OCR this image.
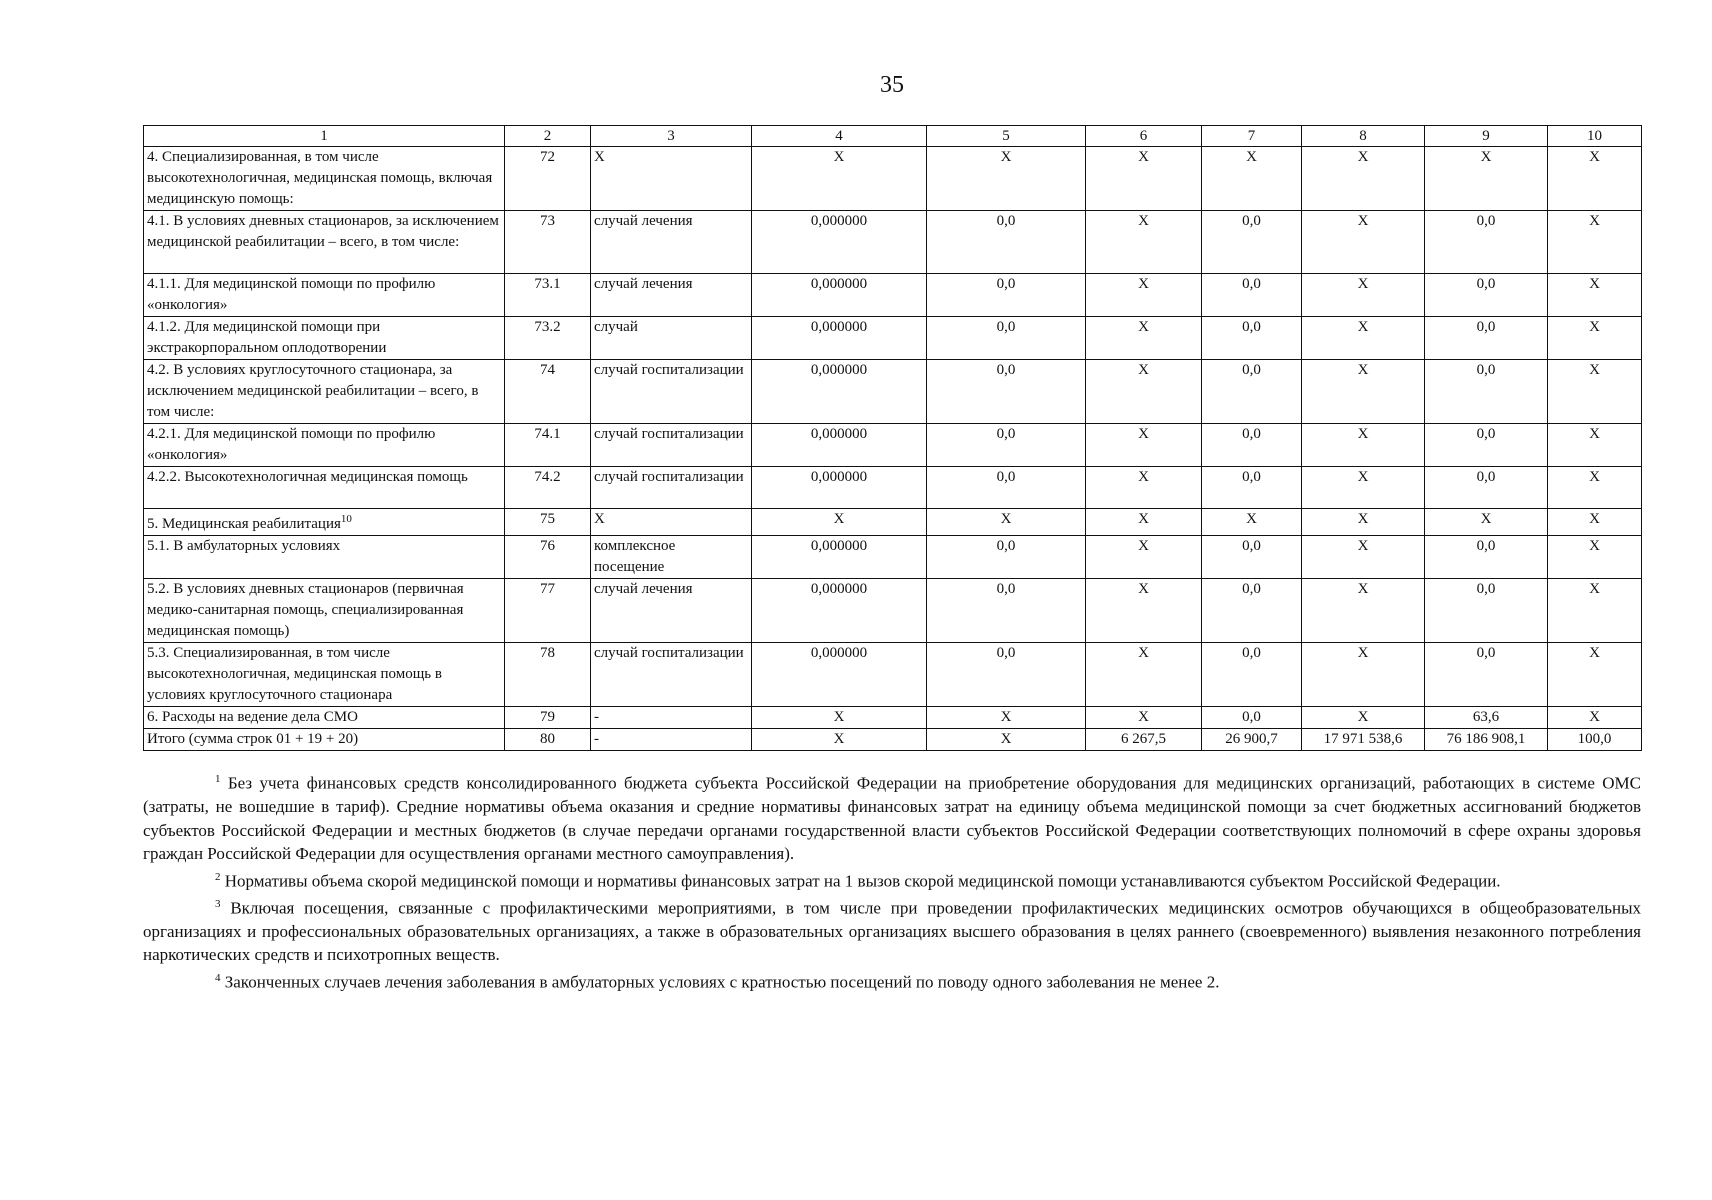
35
1	2	3	4	5	6	7	8	9	10
4. Специализированная, в том числе высокотехнологичная, медицинская помощь, включая медицинскую помощь:	72	X	X	X	X	X	X	X	X
4.1. В условиях дневных стационаров, за исключением медицинской реабилитации – всего, в том числе:	73	случай лечения	0,000000	0,0	X	0,0	X	0,0	X
4.1.1. Для медицинской помощи по профилю «онкология»	73.1	случай лечения	0,000000	0,0	X	0,0	X	0,0	X
4.1.2. Для медицинской помощи при экстракорпоральном оплодотворении	73.2	случай	0,000000	0,0	X	0,0	X	0,0	X
4.2. В условиях круглосуточного стационара, за исключением медицинской реабилитации – всего, в том числе:	74	случай госпитализации	0,000000	0,0	X	0,0	X	0,0	X
4.2.1. Для медицинской помощи по профилю «онкология»	74.1	случай госпитализации	0,000000	0,0	X	0,0	X	0,0	X
4.2.2. Высокотехнологичная медицинская помощь	74.2	случай госпитализации	0,000000	0,0	X	0,0	X	0,0	X
5. Медицинская реабилитация$^{10}$	75	X	X	X	X	X	X	X	X
5.1. В амбулаторных условиях	76	комплексное посещение	0,000000	0,0	X	0,0	X	0,0	X
5.2. В условиях дневных стационаров (первичная медико-санитарная помощь, специализированная медицинская помощь)	77	случай лечения	0,000000	0,0	X	0,0	X	0,0	X
5.3. Специализированная, в том числе высокотехнологичная, медицинская помощь в условиях круглосуточного стационара	78	случай госпитализации	0,000000	0,0	X	0,0	X	0,0	X
6. Расходы на ведение дела СМО	79	-	X	X	X	0,0	X	63,6	X
Итого (сумма строк 01 + 19 + 20)	80	-	X	X	6 267,5	26 900,7	17 971 538,6	76 186 908,1	100,0

$^1$ Без учета финансовых средств консолидированного бюджета субъекта Российской Федерации на приобретение оборудования для медицинских организаций, работающих в системе ОМС (затраты, не вошедшие в тариф). Средние нормативы объема оказания и средние нормативы финансовых затрат на единицу объема медицинской помощи за счет бюджетных ассигнований бюджетов субъектов Российской Федерации и местных бюджетов (в случае передачи органами государственной власти субъектов Российской Федерации соответствующих полномочий в сфере охраны здоровья граждан Российской Федерации для осуществления органами местного самоуправления).

$^2$ Нормативы объема скорой медицинской помощи и нормативы финансовых затрат на 1 вызов скорой медицинской помощи устанавливаются субъектом Российской Федерации.

$^3$ Включая посещения, связанные с профилактическими мероприятиями, в том числе при проведении профилактических медицинских осмотров обучающихся в общеобразовательных организациях и профессиональных образовательных организациях, а также в образовательных организациях высшего образования в целях раннего (своевременного) выявления незаконного потребления наркотических средств и психотропных веществ.

$^4$ Законченных случаев лечения заболевания в амбулаторных условиях с кратностью посещений по поводу одного заболевания не менее 2.
